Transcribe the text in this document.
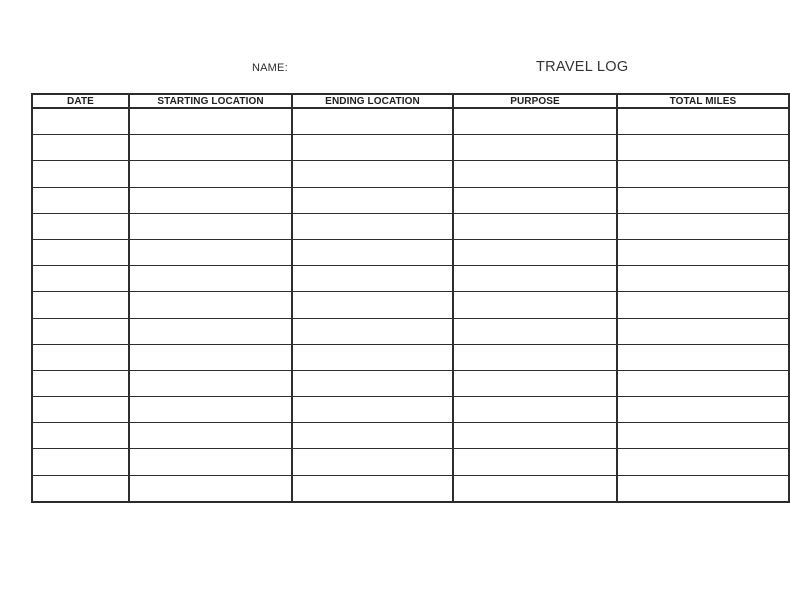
NAME:	TRAVEL LOG
DATE	STARTING LOCATION	ENDING LOCATION	PURPOSE	TOTAL MILES
